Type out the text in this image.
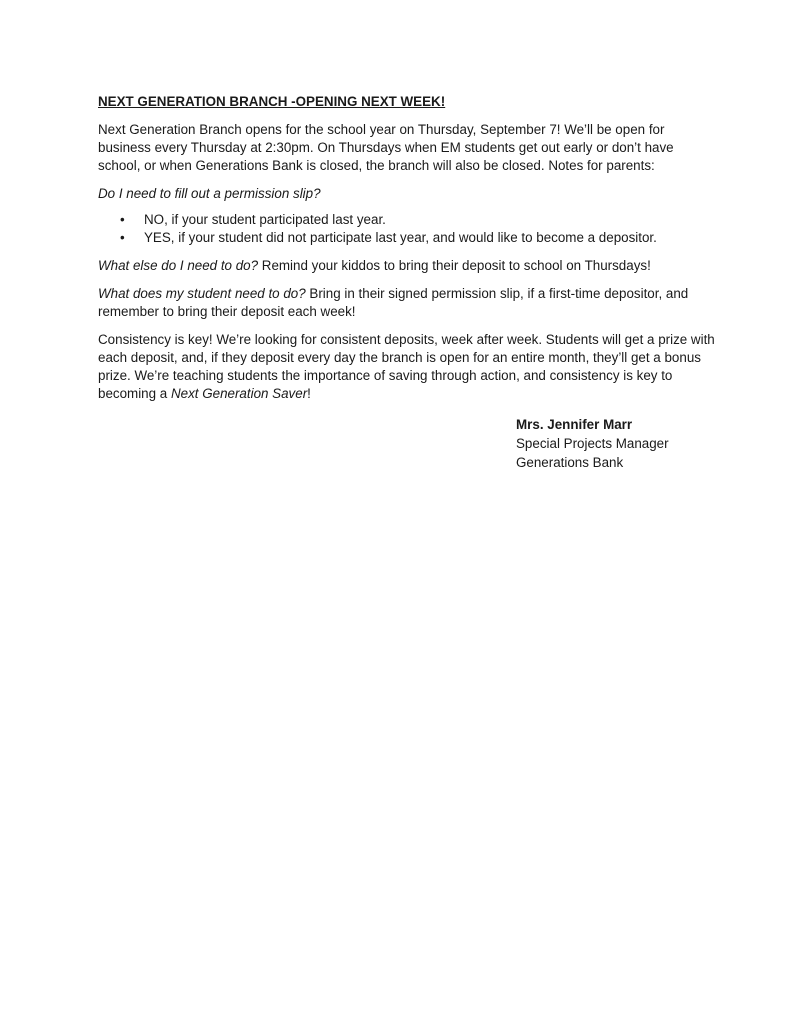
NEXT GENERATION BRANCH -OPENING NEXT WEEK!

Next Generation Branch opens for the school year on Thursday, September 7! We’ll be open for business every Thursday at 2:30pm. On Thursdays when EM students get out early or don’t have school, or when Generations Bank is closed, the branch will also be closed. Notes for parents:

Do I need to fill out a permission slip?

• NO, if your student participated last year.
• YES, if your student did not participate last year, and would like to become a depositor.

What else do I need to do? Remind your kiddos to bring their deposit to school on Thursdays!

What does my student need to do? Bring in their signed permission slip, if a first-time depositor, and remember to bring their deposit each week!

Consistency is key! We’re looking for consistent deposits, week after week. Students will get a prize with each deposit, and, if they deposit every day the branch is open for an entire month, they’ll get a bonus prize. We’re teaching students the importance of saving through action, and consistency is key to becoming a Next Generation Saver!

Mrs. Jennifer Marr
Special Projects Manager
Generations Bank
